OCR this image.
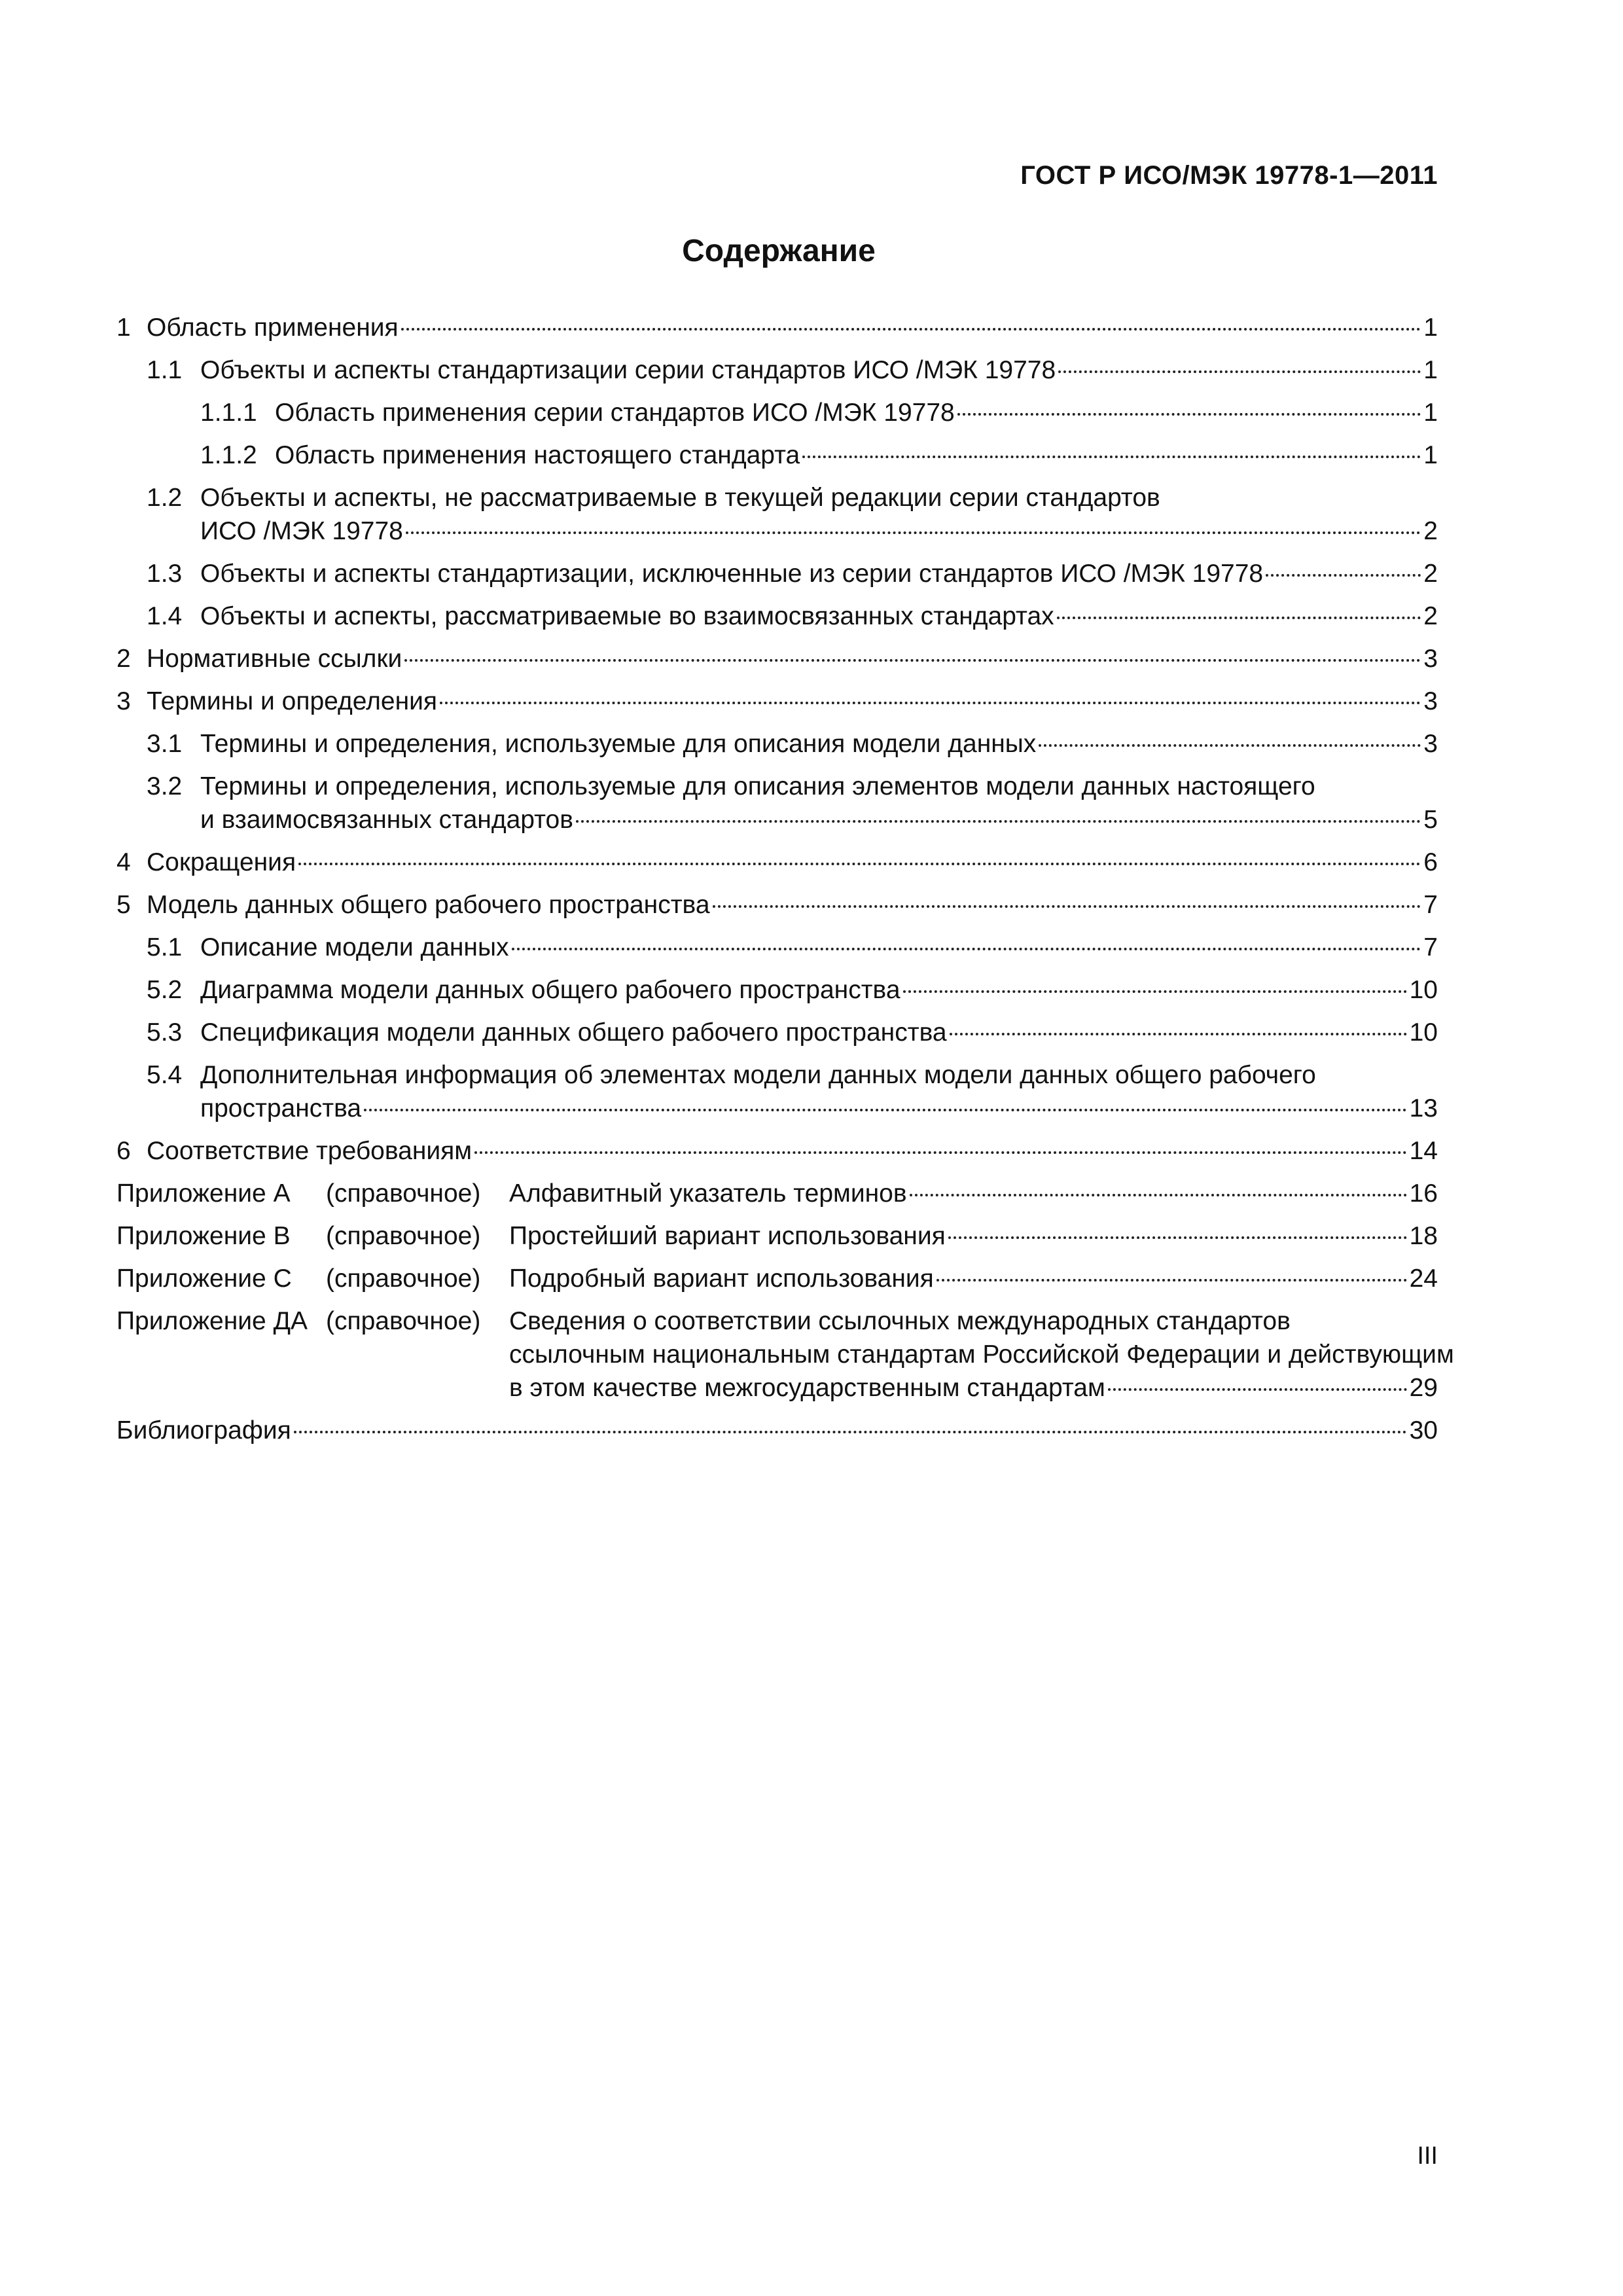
ГОСТ Р ИСО/МЭК 19778-1—2011
Содержание
1 Область применения	1
1.1 Объекты и аспекты стандартизации серии стандартов ИСО /МЭК 19778	1
1.1.1 Область применения серии стандартов ИСО /МЭК 19778	1
1.1.2 Область применения настоящего стандарта	1
1.2 Объекты и аспекты, не рассматриваемые в текущей редакции серии стандартов
ИСО /МЭК 19778	2
1.3 Объекты и аспекты стандартизации, исключенные из серии стандартов ИСО /МЭК 19778	2
1.4 Объекты и аспекты, рассматриваемые во взаимосвязанных стандартах	2
2 Нормативные ссылки	3
3 Термины и определения	3
3.1 Термины и определения, используемые для описания модели данных	3
3.2 Термины и определения, используемые для описания элементов модели данных настоящего
и взаимосвязанных стандартов	5
4 Сокращения	6
5 Модель данных общего рабочего пространства	7
5.1 Описание модели данных	7
5.2 Диаграмма модели данных общего рабочего пространства	10
5.3 Спецификация модели данных общего рабочего пространства	10
5.4 Дополнительная информация об элементах модели данных модели данных общего рабочего
пространства	13
6 Соответствие требованиям	14
Приложение А	(справочное)	Алфавитный указатель терминов	16
Приложение В	(справочное)	Простейший вариант использования	18
Приложение С	(справочное)	Подробный вариант использования	24
Приложение ДА (справочное)	Сведения о соответствии ссылочных международных стандартов
ссылочным национальным стандартам Российской Федерации и действующим
в этом качестве межгосударственным стандартам	29
Библиография	30
III
